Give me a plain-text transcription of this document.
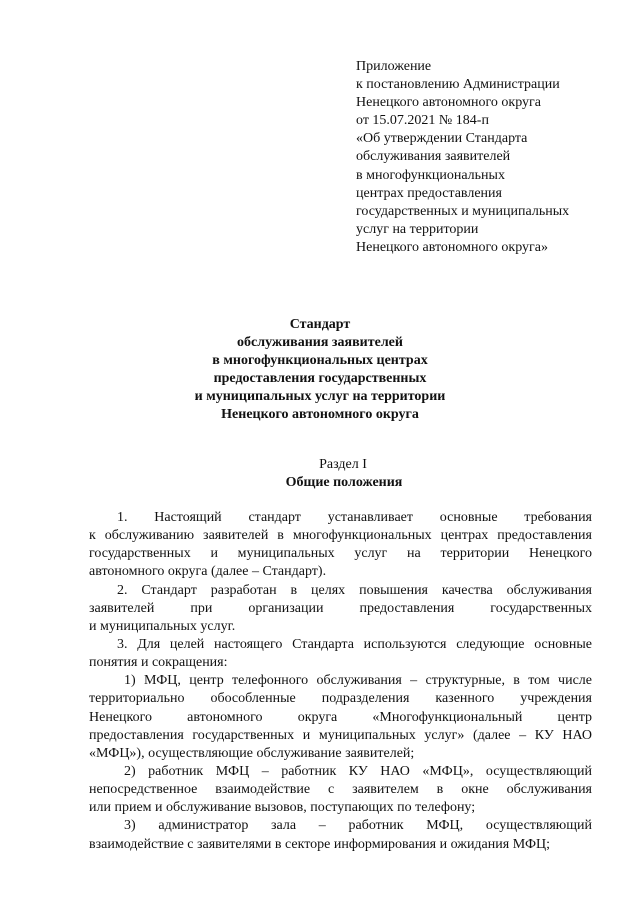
Приложение
к постановлению Администрации
Ненецкого автономного округа
от 15.07.2021 № 184-п
«Об утверждении Стандарта
обслуживания заявителей
в многофункциональных
центрах предоставления
государственных и муниципальных
услуг на территории
Ненецкого автономного округа»
Стандарт
обслуживания заявителей
в многофункциональных центрах
предоставления государственных
и муниципальных услуг на территории
Ненецкого автономного округа
Раздел I
Общие положения
1. Настоящий стандарт устанавливает основные требования
к обслуживанию заявителей в многофункциональных центрах предоставления
государственных и муниципальных услуг на территории Ненецкого
автономного округа (далее – Стандарт).
2. Стандарт разработан в целях повышения качества обслуживания
заявителей при организации предоставления государственных
и муниципальных услуг.
3. Для целей настоящего Стандарта используются следующие основные
понятия и сокращения:
1) МФЦ, центр телефонного обслуживания – структурные, в том числе
территориально обособленные подразделения казенного учреждения
Ненецкого автономного округа «Многофункциональный центр
предоставления государственных и муниципальных услуг» (далее – КУ НАО
«МФЦ»), осуществляющие обслуживание заявителей;
2) работник МФЦ – работник КУ НАО «МФЦ», осуществляющий
непосредственное взаимодействие с заявителем в окне обслуживания
или прием и обслуживание вызовов, поступающих по телефону;
3) администратор зала – работник МФЦ, осуществляющий
взаимодействие с заявителями в секторе информирования и ожидания МФЦ;
